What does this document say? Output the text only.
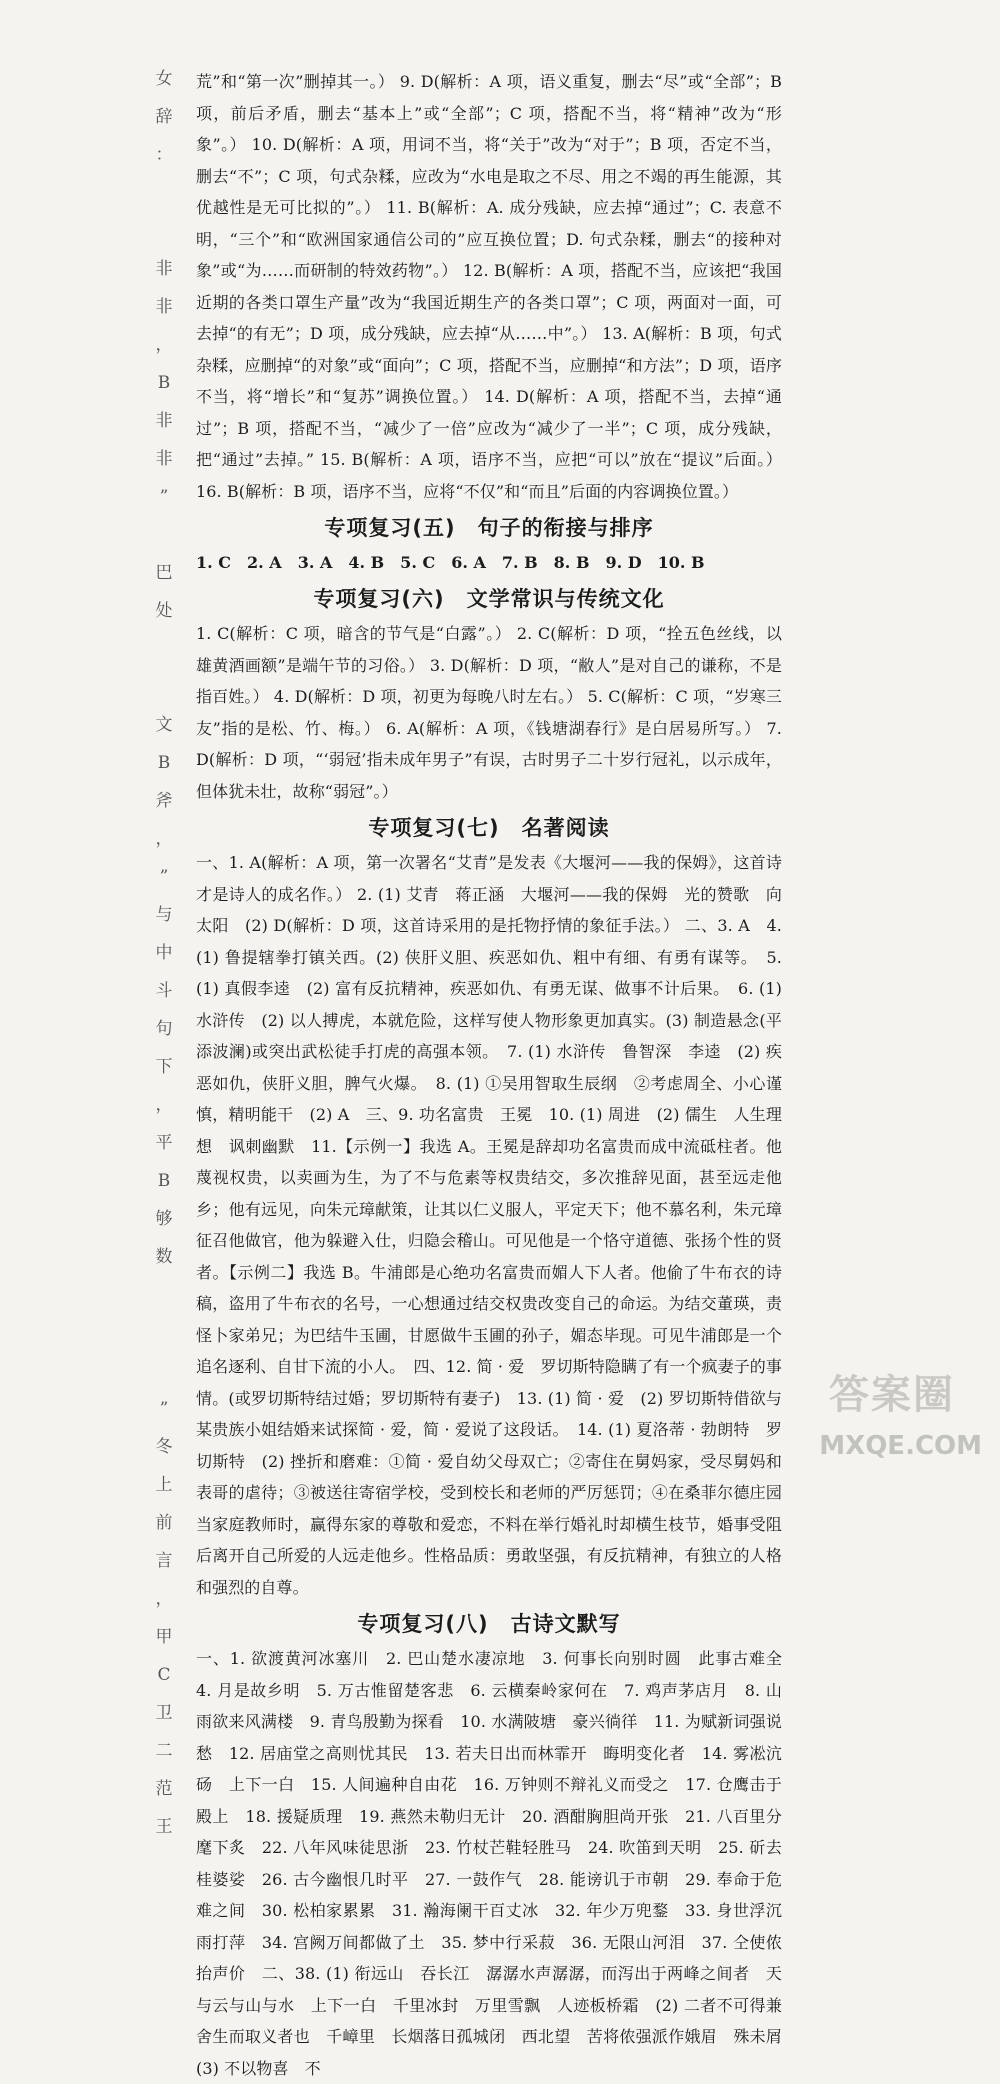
女
辞
：
非
非
，
B
非
非
”
巴
处
文
B
斧
，
”
与
中
斗
句
下
，
平
B
够
数
”
冬
上
前
言
，
甲
C
卫
二
范
王

荒”和“第一次”删掉其一。） 9. D(解析：A 项，语义重复，删去“尽”或“全部”；B 项，前后矛盾，删去“基本上”或“全部”；C 项，搭配不当，将“精神”改为“形象”。） 10. D(解析：A 项，用词不当，将“关于”改为“对于”；B 项，否定不当，删去“不”；C 项，句式杂糅，应改为“水电是取之不尽、用之不竭的再生能源，其优越性是无可比拟的”。） 11. B(解析：A. 成分残缺，应去掉“通过”；C. 表意不明，“三个”和“欧洲国家通信公司的”应互换位置；D. 句式杂糅，删去“的接种对象”或“为……而研制的特效药物”。） 12. B(解析：A 项，搭配不当，应该把“我国近期的各类口罩生产量”改为“我国近期生产的各类口罩”；C 项，两面对一面，可去掉“的有无”；D 项，成分残缺，应去掉“从……中”。） 13. A(解析：B 项，句式杂糅，应删掉“的对象”或“面向”；C 项，搭配不当，应删掉“和方法”；D 项，语序不当，将“增长”和“复苏”调换位置。） 14. D(解析：A 项，搭配不当，去掉“通过”；B 项，搭配不当，“减少了一倍”应改为“减少了一半”；C 项，成分残缺，把“通过”去掉。” 15. B(解析：A 项，语序不当，应把“可以”放在“提议”后面。） 16. B(解析：B 项，语序不当，应将“不仅”和“而且”后面的内容调换位置。）

专项复习(五)　句子的衔接与排序

1. C　2. A　3. A　4. B　5. C　6. A　7. B　8. B　9. D　10. B

专项复习(六)　文学常识与传统文化

1. C(解析：C 项，暗含的节气是“白露”。） 2. C(解析：D 项，“拴五色丝线，以雄黄酒画额”是端午节的习俗。） 3. D(解析：D 项，“敝人”是对自己的谦称，不是指百姓。） 4. D(解析：D 项，初更为每晚八时左右。） 5. C(解析：C 项，“岁寒三友”指的是松、竹、梅。） 6. A(解析：A 项，《钱塘湖春行》是白居易所写。） 7. D(解析：D 项，“‘弱冠’指未成年男子”有误，古时男子二十岁行冠礼，以示成年，但体犹未壮，故称“弱冠”。）

专项复习(七)　名著阅读

一、1. A(解析：A 项，第一次署名“艾青”是发表《大堰河——我的保姆》，这首诗才是诗人的成名作。） 2. (1) 艾青　蒋正涵　大堰河——我的保姆　光的赞歌　向太阳　(2) D(解析：D 项，这首诗采用的是托物抒情的象征手法。） 二、3. A　4. (1) 鲁提辖拳打镇关西。(2) 侠肝义胆、疾恶如仇、粗中有细、有勇有谋等。　5. (1) 真假李逵　(2) 富有反抗精神，疾恶如仇、有勇无谋、做事不计后果。　6. (1) 水浒传　(2) 以人搏虎，本就危险，这样写使人物形象更加真实。(3) 制造悬念(平添波澜)或突出武松徒手打虎的高强本领。　7. (1) 水浒传　鲁智深　李逵　(2) 疾恶如仇，侠肝义胆，脾气火爆。　8. (1) ①吴用智取生辰纲　②考虑周全、小心谨慎，精明能干　(2) A　三、9. 功名富贵　王冕　10. (1) 周进　(2) 儒生　人生理想　讽刺幽默　11.【示例一】我选 A。王冕是辞却功名富贵而成中流砥柱者。他蔑视权贵，以卖画为生，为了不与危素等权贵结交，多次推辞见面，甚至远走他乡；他有远见，向朱元璋献策，让其以仁义服人，平定天下；他不慕名利，朱元璋征召他做官，他为躲避入仕，归隐会稽山。可见他是一个恪守道德、张扬个性的贤者。【示例二】我选 B。牛浦郎是心绝功名富贵而媚人下人者。他偷了牛布衣的诗稿，盗用了牛布衣的名号，一心想通过结交权贵改变自己的命运。为结交董瑛，责怪卜家弟兄；为巴结牛玉圃，甘愿做牛玉圃的孙子，媚态毕现。可见牛浦郎是一个追名逐利、自甘下流的小人。　四、12. 简 · 爱　罗切斯特隐瞒了有一个疯妻子的事情。(或罗切斯特结过婚；罗切斯特有妻子)　13. (1) 简 · 爱　(2) 罗切斯特借欲与某贵族小姐结婚来试探简 · 爱，简 · 爱说了这段话。　14. (1) 夏洛蒂 · 勃朗特　罗切斯特　(2) 挫折和磨难：①简 · 爱自幼父母双亡；②寄住在舅妈家，受尽舅妈和表哥的虐待；③被送往寄宿学校，受到校长和老师的严厉惩罚；④在桑菲尔德庄园当家庭教师时，赢得东家的尊敬和爱恋，不料在举行婚礼时却横生枝节，婚事受阻后离开自己所爱的人远走他乡。性格品质：勇敢坚强，有反抗精神，有独立的人格和强烈的自尊。

专项复习(八)　古诗文默写

一、1. 欲渡黄河冰塞川　2. 巴山楚水凄凉地　3. 何事长向别时圆　此事古难全　4. 月是故乡明　5. 万古惟留楚客悲　6. 云横秦岭家何在　7. 鸡声茅店月　8. 山雨欲来风满楼　9. 青鸟殷勤为探看　10. 水满陂塘　豪兴徜徉　11. 为赋新词强说愁　12. 居庙堂之高则忧其民　13. 若夫日出而林霏开　晦明变化者　14. 雾凇沆砀　上下一白　15. 人间遍种自由花　16. 万钟则不辩礼义而受之　17. 仓鹰击于殿上　18. 援疑质理　19. 燕然未勒归无计　20. 酒酣胸胆尚开张　21. 八百里分麾下炙　22. 八年风味徒思浙　23. 竹杖芒鞋轻胜马　24. 吹笛到天明　25. 斫去桂婆娑　26. 古今幽恨几时平　27. 一鼓作气　28. 能谤讥于市朝　29. 奉命于危难之间　30. 松柏家累累　31. 瀚海阑干百丈冰　32. 年少万兜鍪　33. 身世浮沉雨打萍　34. 宫阙万间都做了土　35. 梦中行采菽　36. 无限山河泪　37. 仝使侬抬声价　二、38. (1) 衔远山　吞长江　潺潺水声潺潺，而泻出于两峰之间者　天与云与山与水　上下一白　千里冰封　万里雪飘　人迹板桥霜　(2) 二者不可得兼　舍生而取义者也　千嶂里　长烟落日孤城闭　西北望　苦将侬强派作娥眉　殊未屑　(3) 不以物喜　不

答案圈
MXQE.COM
